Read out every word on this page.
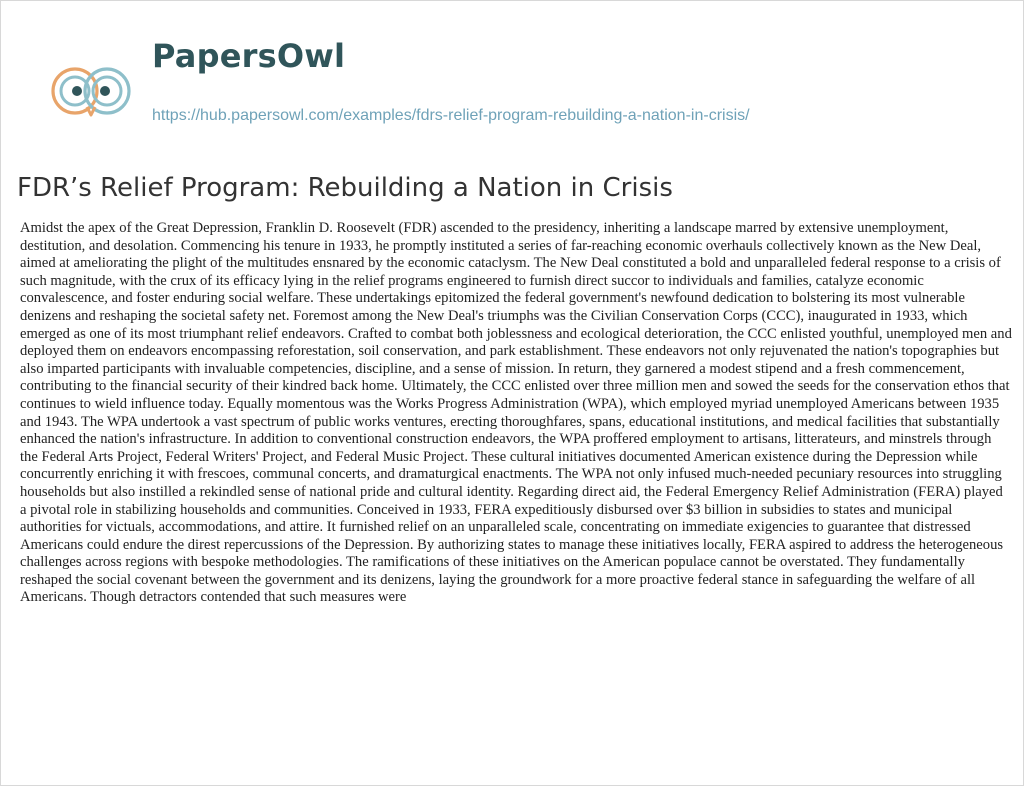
PapersOwl
https://hub.papersowl.com/examples/fdrs-relief-program-rebuilding-a-nation-in-crisis/
FDR’s Relief Program: Rebuilding a Nation in Crisis

Amidst the apex of the Great Depression, Franklin D. Roosevelt (FDR) ascended to the presidency, inheriting a landscape marred by extensive unemployment, destitution, and desolation. Commencing his tenure in 1933, he promptly instituted a series of far-reaching economic overhauls collectively known as the New Deal, aimed at ameliorating the plight of the multitudes ensnared by the economic cataclysm. The New Deal constituted a bold and unparalleled federal response to a crisis of such magnitude, with the crux of its efficacy lying in the relief programs engineered to furnish direct succor to individuals and families, catalyze economic convalescence, and foster enduring social welfare. These undertakings epitomized the federal government's newfound dedication to bolstering its most vulnerable denizens and reshaping the societal safety net. Foremost among the New Deal's triumphs was the Civilian Conservation Corps (CCC), inaugurated in 1933, which emerged as one of its most triumphant relief endeavors. Crafted to combat both joblessness and ecological deterioration, the CCC enlisted youthful, unemployed men and deployed them on endeavors encompassing reforestation, soil conservation, and park establishment. These endeavors not only rejuvenated the nation's topographies but also imparted participants with invaluable competencies, discipline, and a sense of mission. In return, they garnered a modest stipend and a fresh commencement, contributing to the financial security of their kindred back home. Ultimately, the CCC enlisted over three million men and sowed the seeds for the conservation ethos that continues to wield influence today. Equally momentous was the Works Progress Administration (WPA), which employed myriad unemployed Americans between 1935 and 1943. The WPA undertook a vast spectrum of public works ventures, erecting thoroughfares, spans, educational institutions, and medical facilities that substantially enhanced the nation's infrastructure. In addition to conventional construction endeavors, the WPA proffered employment to artisans, litterateurs, and minstrels through the Federal Arts Project, Federal Writers' Project, and Federal Music Project. These cultural initiatives documented American existence during the Depression while concurrently enriching it with frescoes, communal concerts, and dramaturgical enactments. The WPA not only infused much-needed pecuniary resources into struggling households but also instilled a rekindled sense of national pride and cultural identity. Regarding direct aid, the Federal Emergency Relief Administration (FERA) played a pivotal role in stabilizing households and communities. Conceived in 1933, FERA expeditiously disbursed over $3 billion in subsidies to states and municipal authorities for victuals, accommodations, and attire. It furnished relief on an unparalleled scale, concentrating on immediate exigencies to guarantee that distressed Americans could endure the direst repercussions of the Depression. By authorizing states to manage these initiatives locally, FERA aspired to address the heterogeneous challenges across regions with bespoke methodologies. The ramifications of these initiatives on the American populace cannot be overstated. They fundamentally reshaped the social covenant between the government and its denizens, laying the groundwork for a more proactive federal stance in safeguarding the welfare of all Americans. Though detractors contended that such measures were
